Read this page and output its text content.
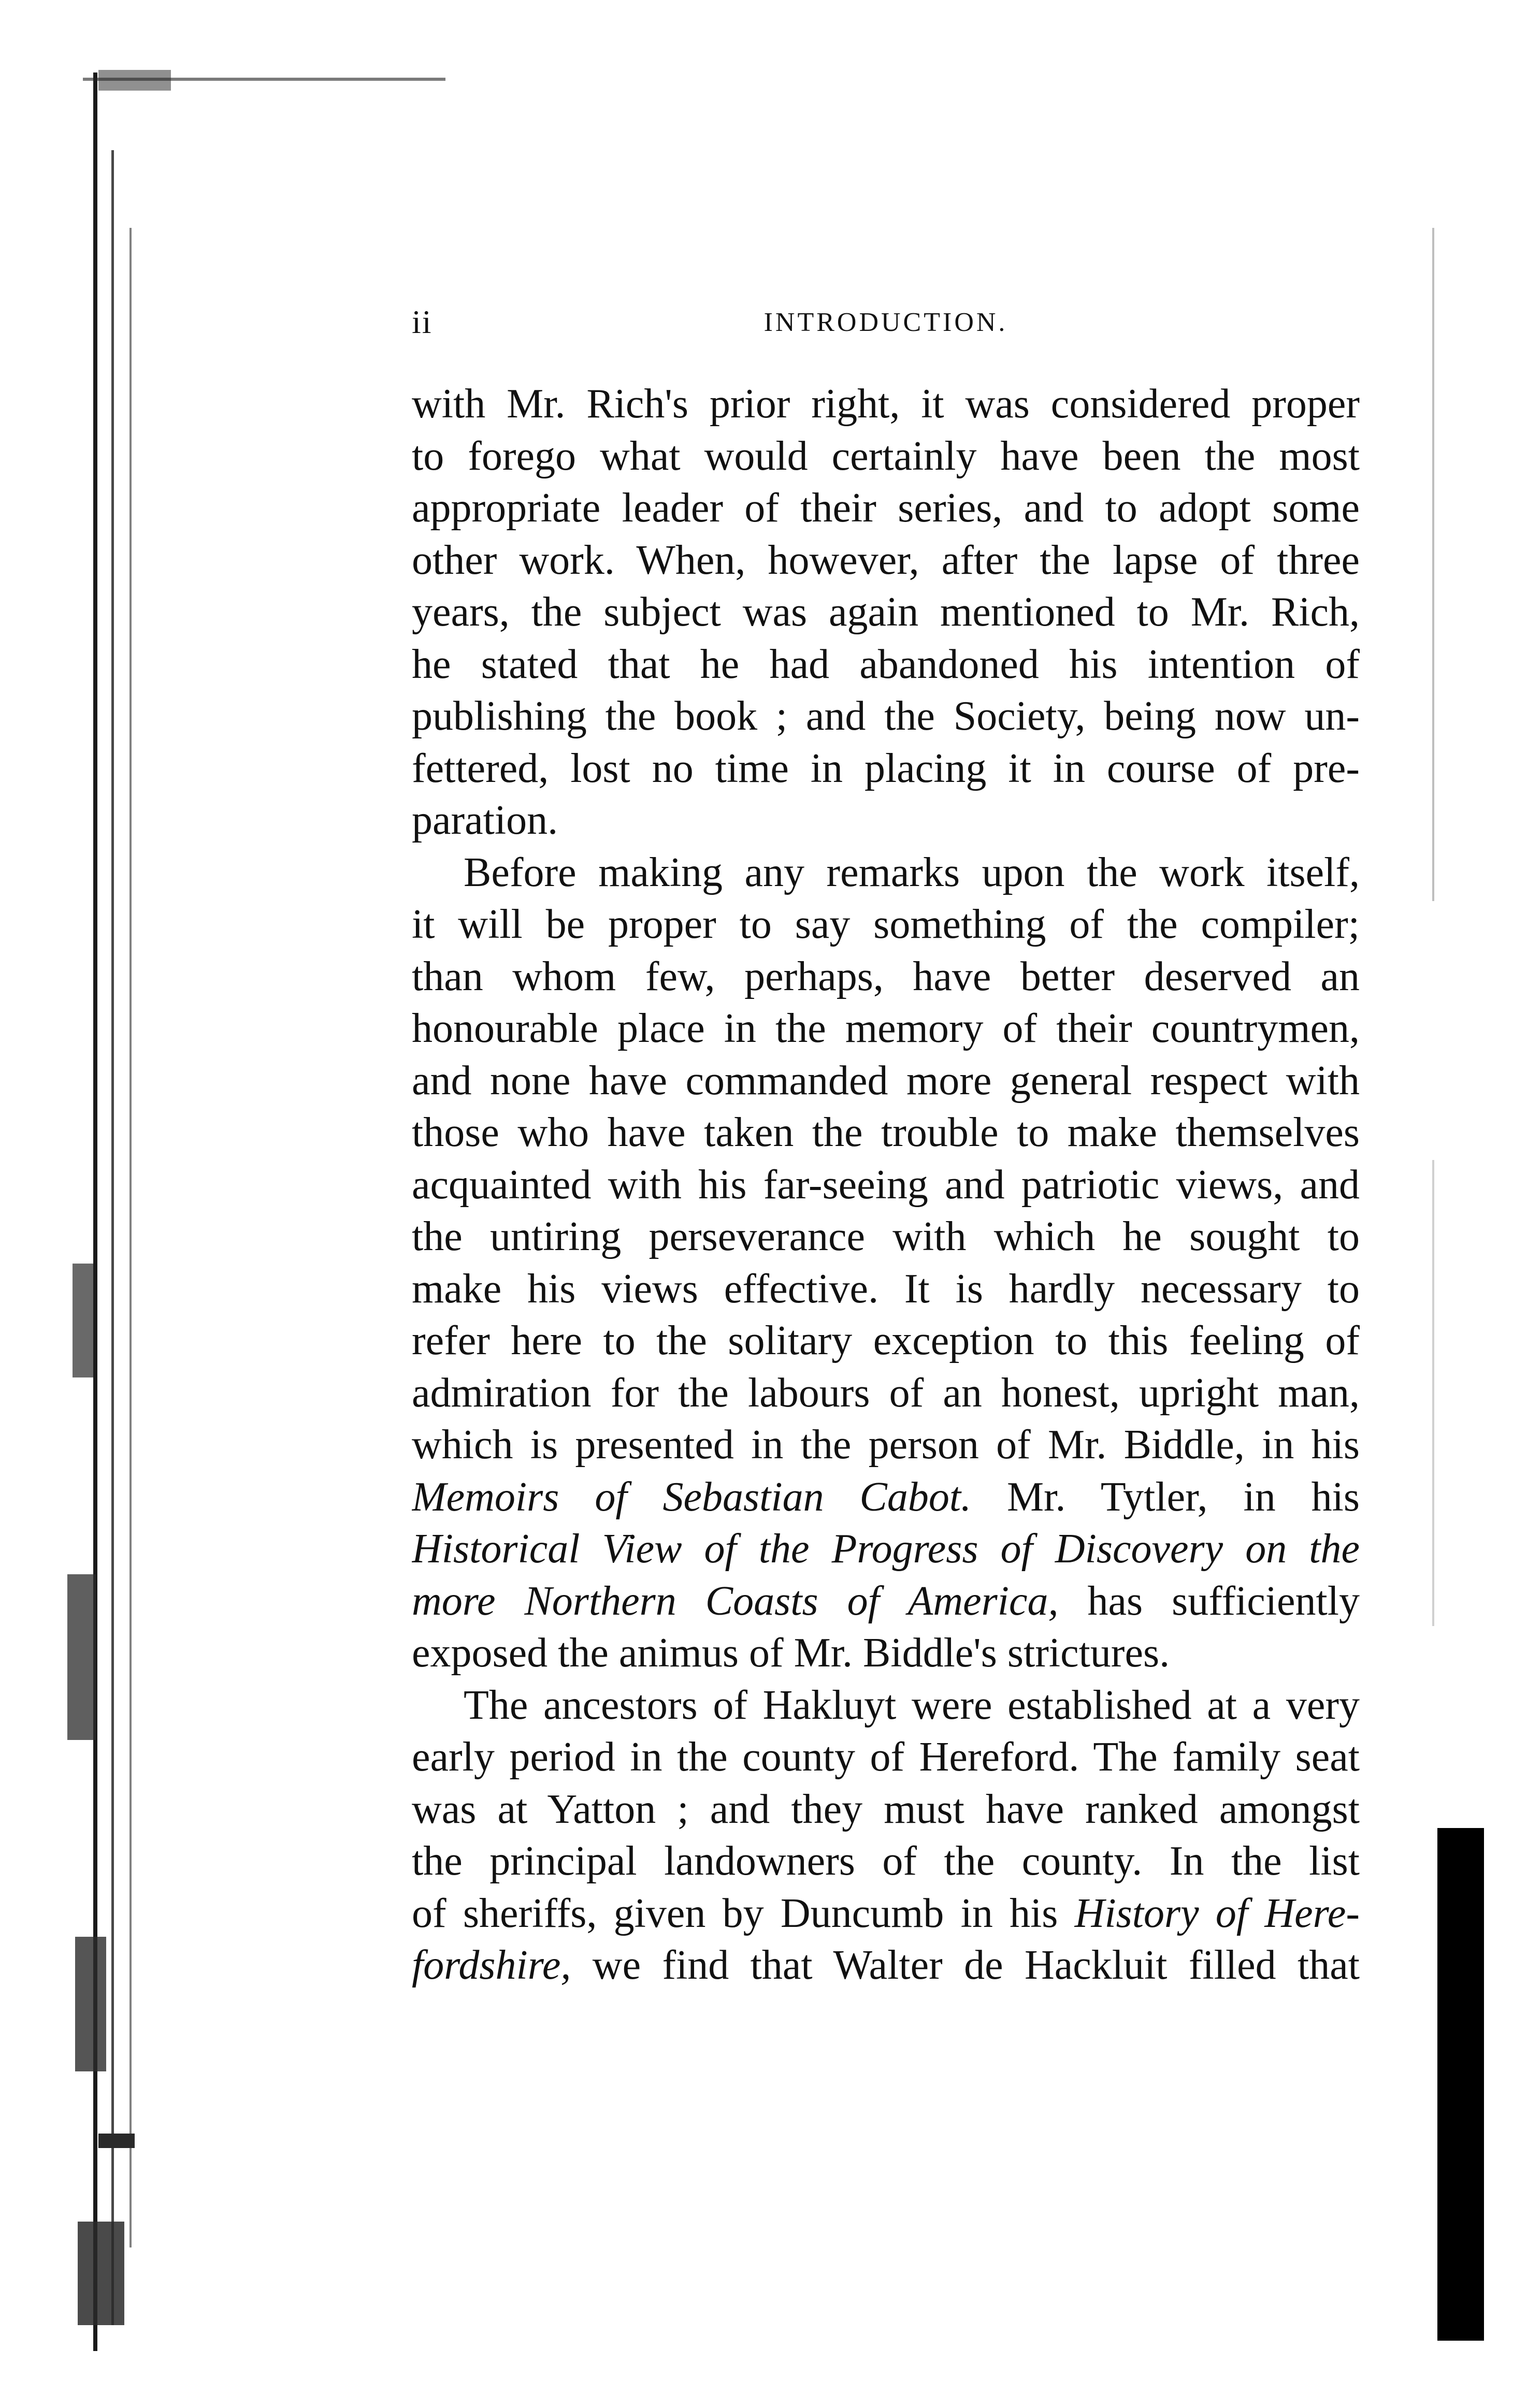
ii	INTRODUCTION.

with Mr. Rich's prior right, it was considered proper
to forego what would certainly have been the most
appropriate leader of their series, and to adopt some
other work. When, however, after the lapse of three
years, the subject was again mentioned to Mr. Rich,
he stated that he had abandoned his intention of
publishing the book ; and the Society, being now un-
fettered, lost no time in placing it in course of pre-
paration.

Before making any remarks upon the work itself,
it will be proper to say something of the compiler;
than whom few, perhaps, have better deserved an
honourable place in the memory of their countrymen,
and none have commanded more general respect with
those who have taken the trouble to make themselves
acquainted with his far-seeing and patriotic views, and
the untiring perseverance with which he sought to
make his views effective. It is hardly necessary to
refer here to the solitary exception to this feeling of
admiration for the labours of an honest, upright man,
which is presented in the person of Mr. Biddle, in his
Memoirs of Sebastian Cabot. Mr. Tytler, in his
Historical View of the Progress of Discovery on the
more Northern Coasts of America, has sufficiently
exposed the animus of Mr. Biddle's strictures.

The ancestors of Hakluyt were established at a very
early period in the county of Hereford. The family seat
was at Yatton ; and they must have ranked amongst
the principal landowners of the county. In the list
of sheriffs, given by Duncumb in his History of Here-
fordshire, we find that Walter de Hackluit filled that
